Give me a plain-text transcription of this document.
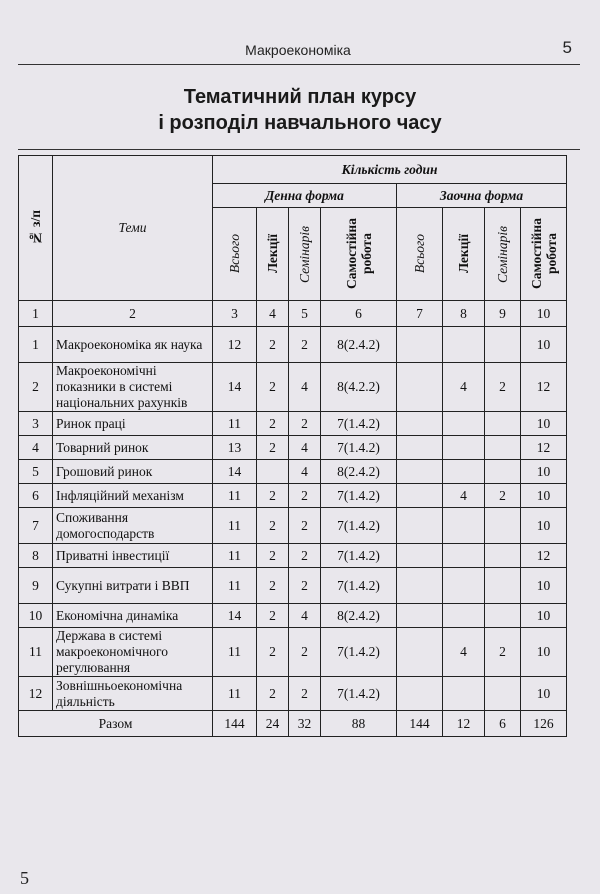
Макроекономіка	5
Тематичний план курсу
і розподіл навчального часу
№ з/п	Теми	Кількість годин							
		Денна форма				Заочна форма			

		Всього	Лекції	Семінарів	Самостійна робота	Всього	Лекції	Семінарів	Самостійна робота

1	2	3	4	5	6	7	8	9	10
1	Макроекономіка як наука	12	2	2	8(2.4.2)				10
2	Макроекономічні показники в системі національних рахунків	14	2	4	8(4.2.2)		4	2	12
3	Ринок праці	11	2	2	7(1.4.2)				10
4	Товарний ринок	13	2	4	7(1.4.2)				12
5	Грошовий ринок	14		4	8(2.4.2)				10
6	Інфляційний механізм	11	2	2	7(1.4.2)		4	2	10
7	Споживання домогосподарств	11	2	2	7(1.4.2)				10
8	Приватні інвестиції	11	2	2	7(1.4.2)				12
9	Сукупні витрати і ВВП	11	2	2	7(1.4.2)				10
10	Економічна динаміка	14	2	4	8(2.4.2)				10
11	Держава в системі макроекономічного регулювання	11	2	2	7(1.4.2)		4	2	10
12	Зовнішньоекономічна діяльність	11	2	2	7(1.4.2)				10
Разом		144	24	32	88	144	12	6	126
5
